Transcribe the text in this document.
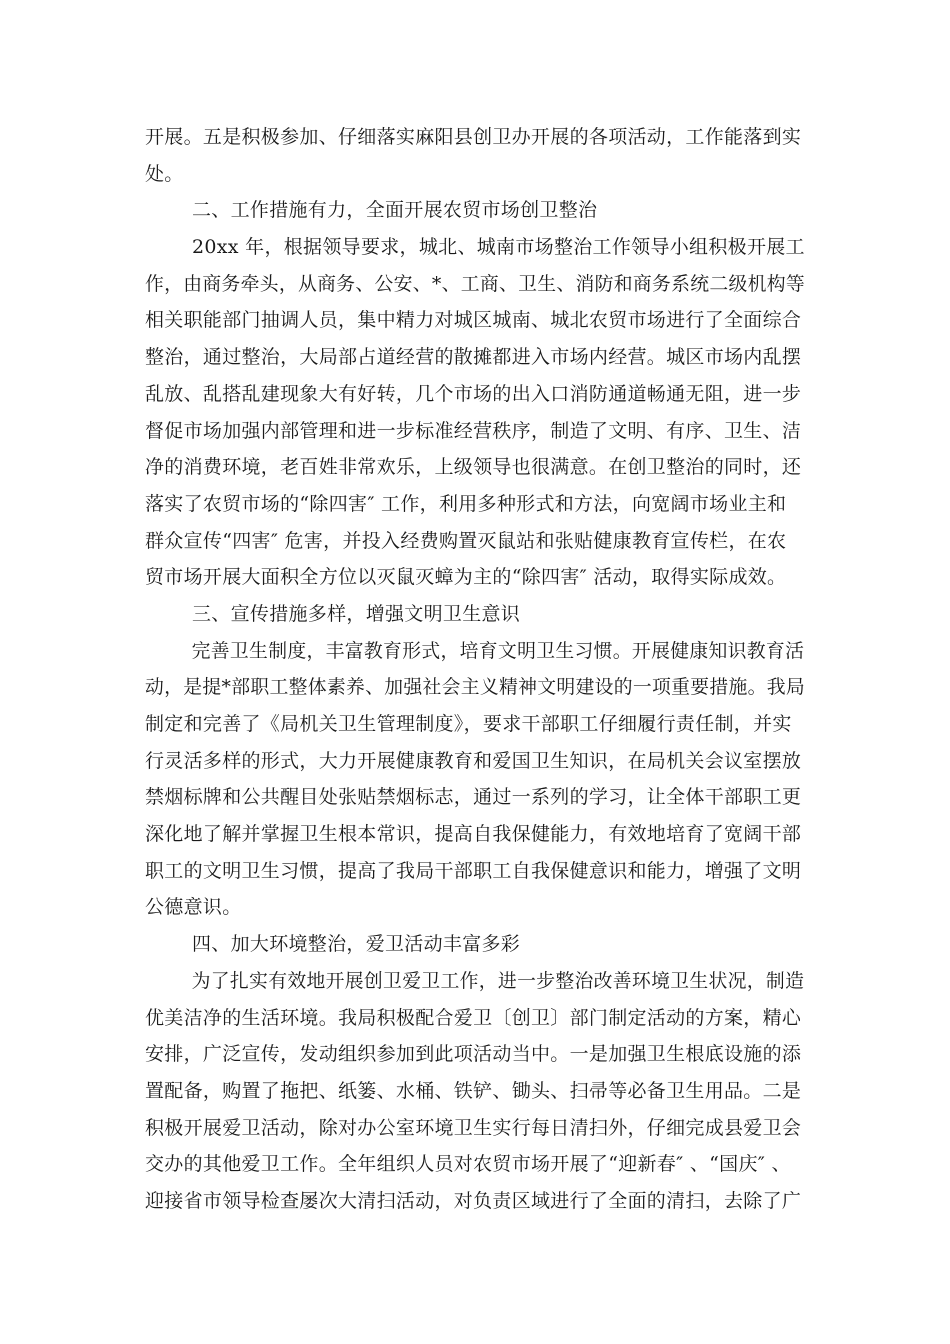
开展。五是积极参加、仔细落实麻阳县创卫办开展的各项活动，工作能落到实
处。
二、工作措施有力，全面开展农贸市场创卫整治
20xx 年，根据领导要求，城北、城南市场整治工作领导小组积极开展工
作，由商务牵头，从商务、公安、*、工商、卫生、消防和商务系统二级机构等
相关职能部门抽调人员，集中精力对城区城南、城北农贸市场进行了全面综合
整治，通过整治，大局部占道经营的散摊都进入市场内经营。城区市场内乱摆
乱放、乱搭乱建现象大有好转，几个市场的出入口消防通道畅通无阻，进一步
督促市场加强内部管理和进一步标准经营秩序，制造了文明、有序、卫生、洁
净的消费环境，老百姓非常欢乐，上级领导也很满意。在创卫整治的同时，还
落实了农贸市场的“除四害″ 工作，利用多种形式和方法，向宽阔市场业主和
群众宣传“四害″ 危害，并投入经费购置灭鼠站和张贴健康教育宣传栏，在农
贸市场开展大面积全方位以灭鼠灭蟑为主的“除四害″ 活动，取得实际成效。
三、宣传措施多样，增强文明卫生意识
完善卫生制度，丰富教育形式，培育文明卫生习惯。开展健康知识教育活
动，是提*部职工整体素养、加强社会主义精神文明建设的一项重要措施。我局
制定和完善了《局机关卫生管理制度》，要求干部职工仔细履行责任制，并实
行灵活多样的形式，大力开展健康教育和爱国卫生知识，在局机关会议室摆放
禁烟标牌和公共醒目处张贴禁烟标志，通过一系列的学习，让全体干部职工更
深化地了解并掌握卫生根本常识，提高自我保健能力，有效地培育了宽阔干部
职工的文明卫生习惯，提高了我局干部职工自我保健意识和能力，增强了文明
公德意识。
四、加大环境整治，爱卫活动丰富多彩
为了扎实有效地开展创卫爱卫工作，进一步整治改善环境卫生状况，制造
优美洁净的生活环境。我局积极配合爱卫〔创卫〕部门制定活动的方案，精心
安排，广泛宣传，发动组织参加到此项活动当中。一是加强卫生根底设施的添
置配备，购置了拖把、纸篓、水桶、铁铲、锄头、扫帚等必备卫生用品。二是
积极开展爱卫活动，除对办公室环境卫生实行每日清扫外，仔细完成县爱卫会
交办的其他爱卫工作。全年组织人员对农贸市场开展了“迎新春″ 、“国庆″ 、
迎接省市领导检查屡次大清扫活动，对负责区域进行了全面的清扫，去除了广
